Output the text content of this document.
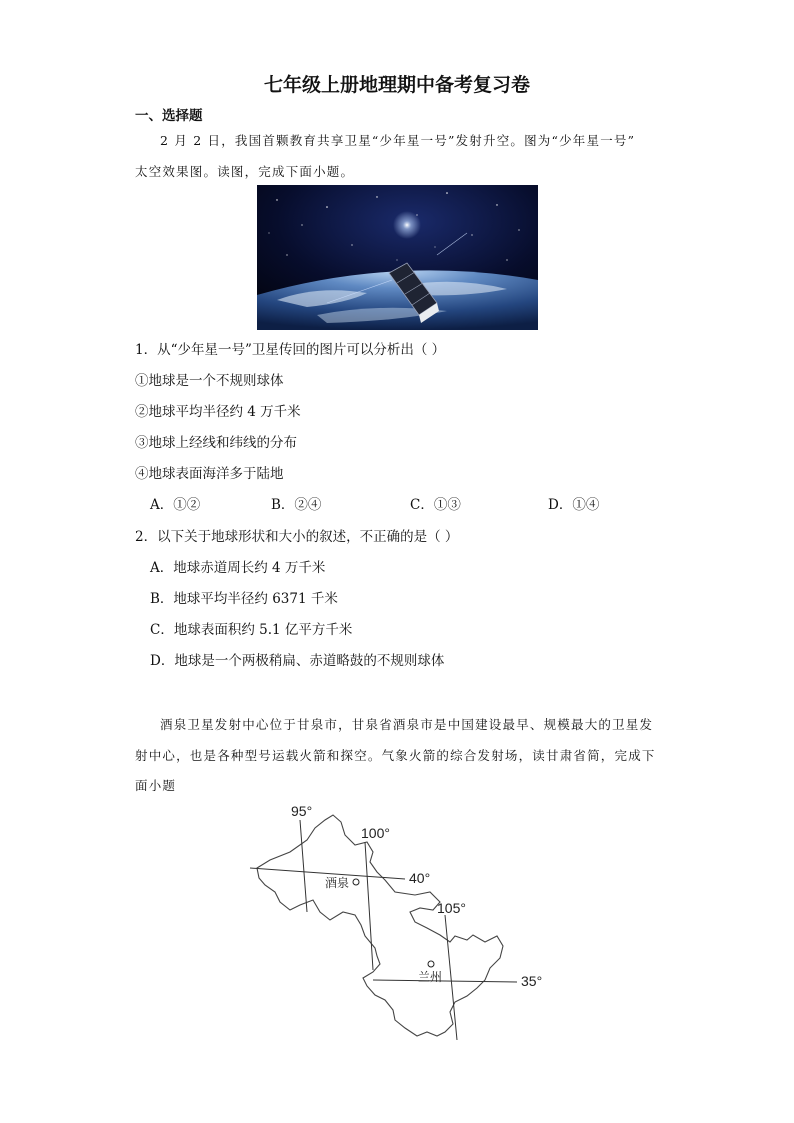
七年级上册地理期中备考复习卷
一、选择题
2 月 2 日，我国首颗教育共享卫星“少年星一号”发射升空。图为“少年星一号”
太空效果图。读图，完成下面小题。
1．从“少年星一号”卫星传回的图片可以分析出（ ）
①地球是一个不规则球体
②地球平均半径约 4 万千米
③地球上经线和纬线的分布
④地球表面海洋多于陆地
A．①②	B．②④	C．①③	D．①④
2．以下关于地球形状和大小的叙述，不正确的是（ ）
A．地球赤道周长约 4 万千米
B．地球平均半径约 6371 千米
C．地球表面积约 5.1 亿平方千米
D．地球是一个两极稍扁、赤道略鼓的不规则球体
酒泉卫星发射中心位于甘泉市，甘泉省酒泉市是中国建设最早、规模最大的卫星发
射中心，也是各种型号运载火箭和探空。气象火箭的综合发射场，读甘肃省简，完成下
面小题
95°
100°
105°
40°
35°
酒泉
兰州
